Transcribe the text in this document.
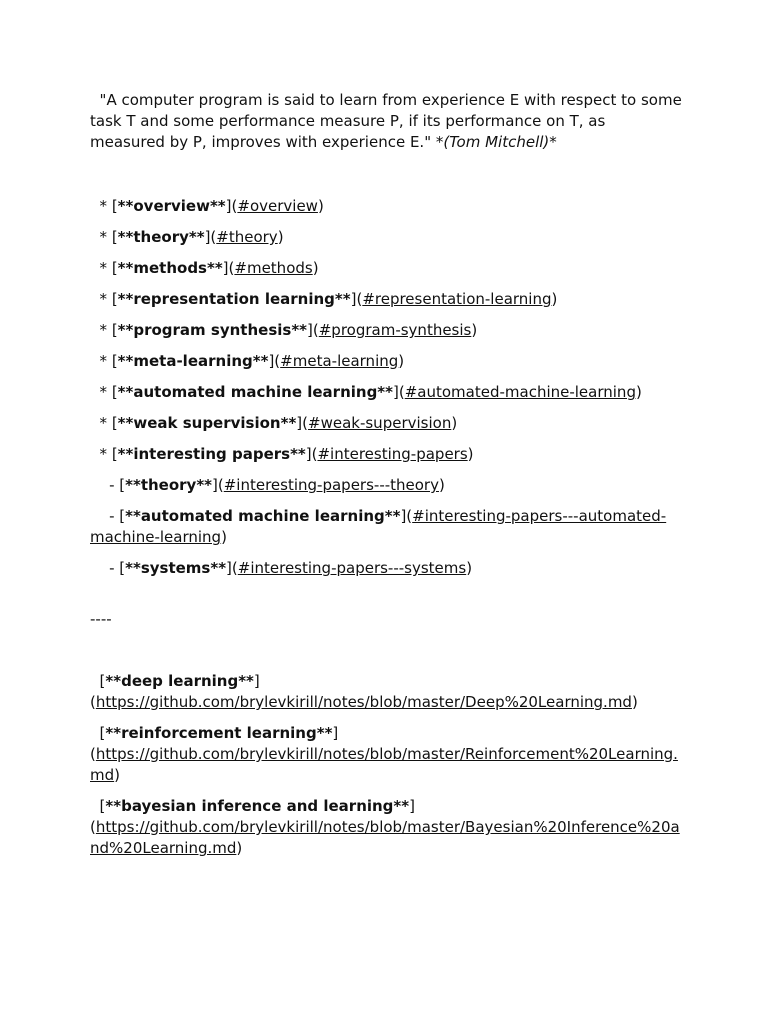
"A computer program is said to learn from experience E with respect to some task T and some performance measure P, if its performance on T, as measured by P, improves with experience E." *(Tom Mitchell)*

* [**overview**](#overview)

* [**theory**](#theory)

* [**methods**](#methods)

* [**representation learning**](#representation-learning)

* [**program synthesis**](#program-synthesis)

* [**meta-learning**](#meta-learning)

* [**automated machine learning**](#automated-machine-learning)

* [**weak supervision**](#weak-supervision)

* [**interesting papers**](#interesting-papers)

- [**theory**](#interesting-papers---theory)

- [**automated machine learning**](#interesting-papers---automated-machine-learning)

- [**systems**](#interesting-papers---systems)

----

[**deep learning**](https://github.com/brylevkirill/notes/blob/master/Deep%20Learning.md)

[**reinforcement learning**](https://github.com/brylevkirill/notes/blob/master/Reinforcement%20Learning.md)

[**bayesian inference and learning**](https://github.com/brylevkirill/notes/blob/master/Bayesian%20Inference%20and%20Learning.md)
